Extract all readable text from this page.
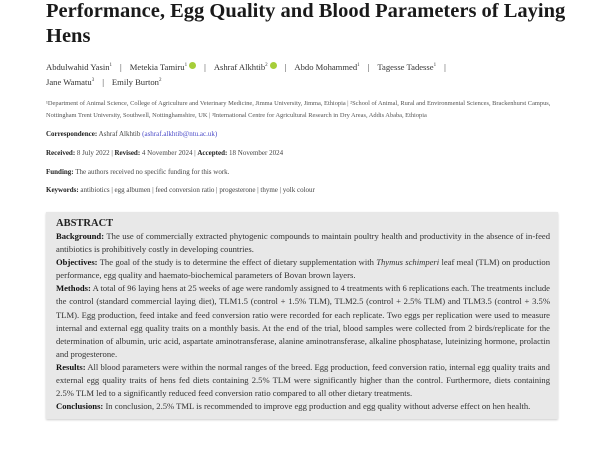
Performance, Egg Quality and Blood Parameters of Laying
Hens
Abdulwahid Yasin$^1$ | Metekia Tamiru$^1$ | Ashraf Alkhtib$^2$ | Abdo Mohammed$^1$ | Tagesse Tadesse$^1$ |
Jane Wamatu$^3$ | Emily Burton$^2$
¹Department of Animal Science, College of Agriculture and Veterinary Medicine, Jimma University, Jimma, Ethiopia | ²School of Animal, Rural and Environmental Sciences, Brackenhurst Campus, Nottingham Trent University, Southwell, Nottinghamshire, UK | ³International Centre for Agricultural Research in Dry Areas, Addis Ababa, Ethiopia
Correspondence: Ashraf Alkhtib (ashraf.alkhtib@ntu.ac.uk)
Received: 8 July 2022 | Revised: 4 November 2024 | Accepted: 18 November 2024
Funding: The authors received no specific funding for this work.
Keywords: antibiotics | egg albumen | feed conversion ratio | progesterone | thyme | yolk colour
ABSTRACT

Background: The use of commercially extracted phytogenic compounds to maintain poultry health and productivity in the absence of in-feed antibiotics is prohibitively costly in developing countries.

Objectives: The goal of the study is to determine the effect of dietary supplementation with Thymus schimperi leaf meal (TLM) on production performance, egg quality and haemato-biochemical parameters of Bovan brown layers.

Methods: A total of 96 laying hens at 25 weeks of age were randomly assigned to 4 treatments with 6 replications each. The treatments include the control (standard commercial laying diet), TLM1.5 (control + 1.5% TLM), TLM2.5 (control + 2.5% TLM) and TLM3.5 (control + 3.5% TLM). Egg production, feed intake and feed conversion ratio were recorded for each replicate. Two eggs per replication were used to measure internal and external egg quality traits on a monthly basis. At the end of the trial, blood samples were collected from 2 birds/replicate for the determination of albumin, uric acid, aspartate aminotransferase, alanine aminotransferase, alkaline phosphatase, luteinizing hormone, prolactin and progesterone.

Results: All blood parameters were within the normal ranges of the breed. Egg production, feed conversion ratio, internal egg quality traits and external egg quality traits of hens fed diets containing 2.5% TLM were significantly higher than the control. Furthermore, diets containing 2.5% TLM led to a significantly reduced feed conversion ratio compared to all other dietary treatments.

Conclusions: In conclusion, 2.5% TML is recommended to improve egg production and egg quality without adverse effect on hen health.
